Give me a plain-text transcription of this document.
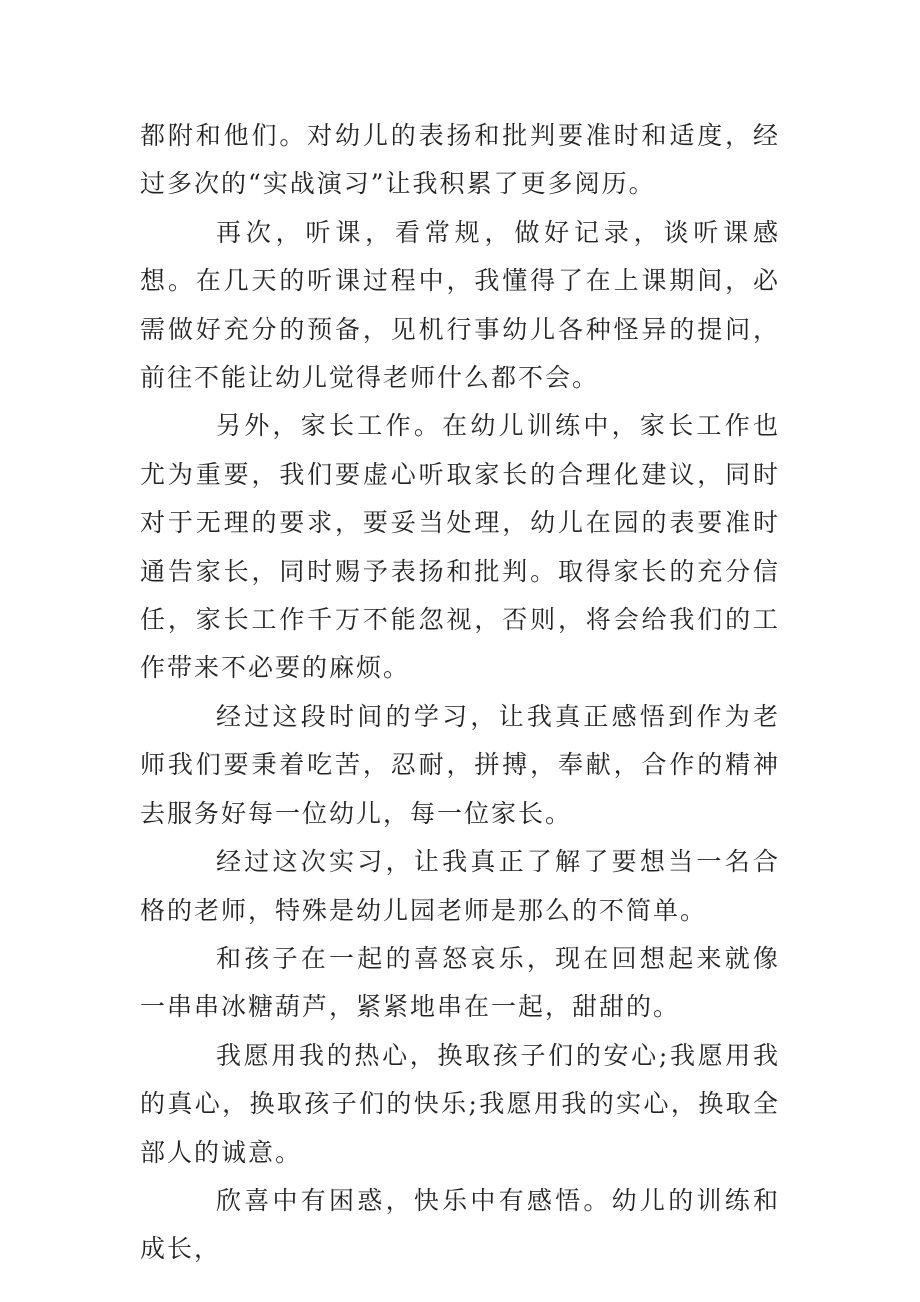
都附和他们。对幼儿的表扬和批判要准时和适度，经过多次的“实战演习”让我积累了更多阅历。

再次，听课，看常规，做好记录，谈听课感想。在几天的听课过程中，我懂得了在上课期间，必需做好充分的预备，见机行事幼儿各种怪异的提问，前往不能让幼儿觉得老师什么都不会。

另外，家长工作。在幼儿训练中，家长工作也尤为重要，我们要虚心听取家长的合理化建议，同时对于无理的要求，要妥当处理，幼儿在园的表要准时通告家长，同时赐予表扬和批判。取得家长的充分信任，家长工作千万不能忽视，否则，将会给我们的工作带来不必要的麻烦。

经过这段时间的学习，让我真正感悟到作为老师我们要秉着吃苦，忍耐，拼搏，奉献，合作的精神去服务好每一位幼儿，每一位家长。

经过这次实习，让我真正了解了要想当一名合格的老师，特殊是幼儿园老师是那么的不简单。

和孩子在一起的喜怒哀乐，现在回想起来就像一串串冰糖葫芦，紧紧地串在一起，甜甜的。

我愿用我的热心，换取孩子们的安心;我愿用我的真心，换取孩子们的快乐;我愿用我的实心，换取全部人的诚意。

欣喜中有困惑，快乐中有感悟。幼儿的训练和成长，
